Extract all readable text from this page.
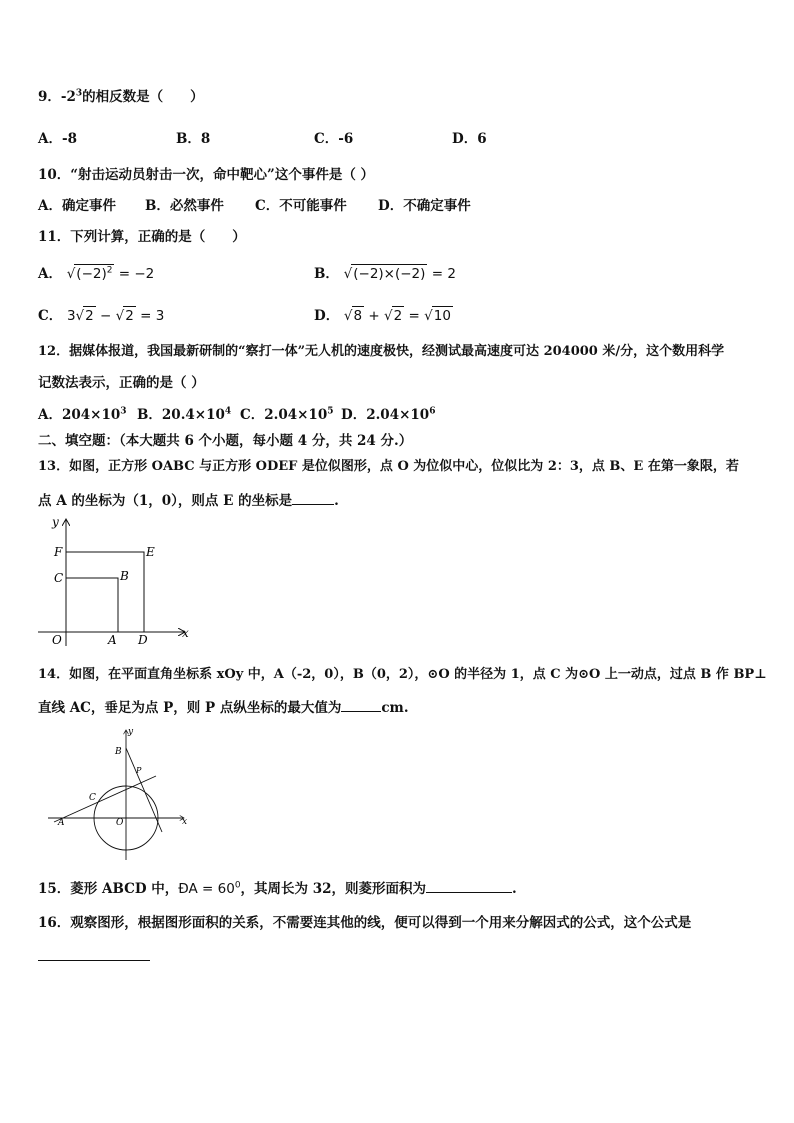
9．$-2^3$的相反数是（　　）
A．-8	B．8	C．-6	D．6
10．“射击运动员射击一次，命中靶心”这个事件是（ ）
A．确定事件 B．必然事件 C．不可能事件 D．不确定事件
11．下列计算，正确的是（　　）
A． $√(-2)^2 = -2$	B． √(−2)×(−2) = 2
C． 3√2 − √2 = 3	D． √8 + √2 = √10
12．据媒体报道，我国最新研制的“察打一体”无人机的速度极快，经测试最高速度可达 204000 米/分，这个数用科学
记数法表示，正确的是（ ）
A．$204\times 10^3$ B．$20.4\times 10^4$ C．$2.04\times 10^5$ D．$2.04\times 10^6$
二、填空题：（本大题共 6 个小题，每小题 4 分，共 24 分.）
13．如图，正方形 OABC 与正方形 ODEF 是位似图形，点 O 为位似中心，位似比为 2：3，点 B、E 在第一象限，若
点 A 的坐标为（1，0），则点 E 的坐标是	.
y
x
F	E
C	B
O	A D
14．如图，在平面直角坐标系 xOy 中，A（-2，0），B（0，2），⊙O 的半径为 1，点 C 为⊙O 上一动点，过点 B 作 BP⊥
直线 AC，垂足为点 P，则 P 点纵坐标的最大值为	cm.
y
x
B
P
C
A	O
15．菱形 ABCD 中，ÐA = $60^0$，其周长为 32，则菱形面积为	.
16．观察图形，根据图形面积的关系，不需要连其他的线，便可以得到一个用来分解因式的公式，这个公式是
